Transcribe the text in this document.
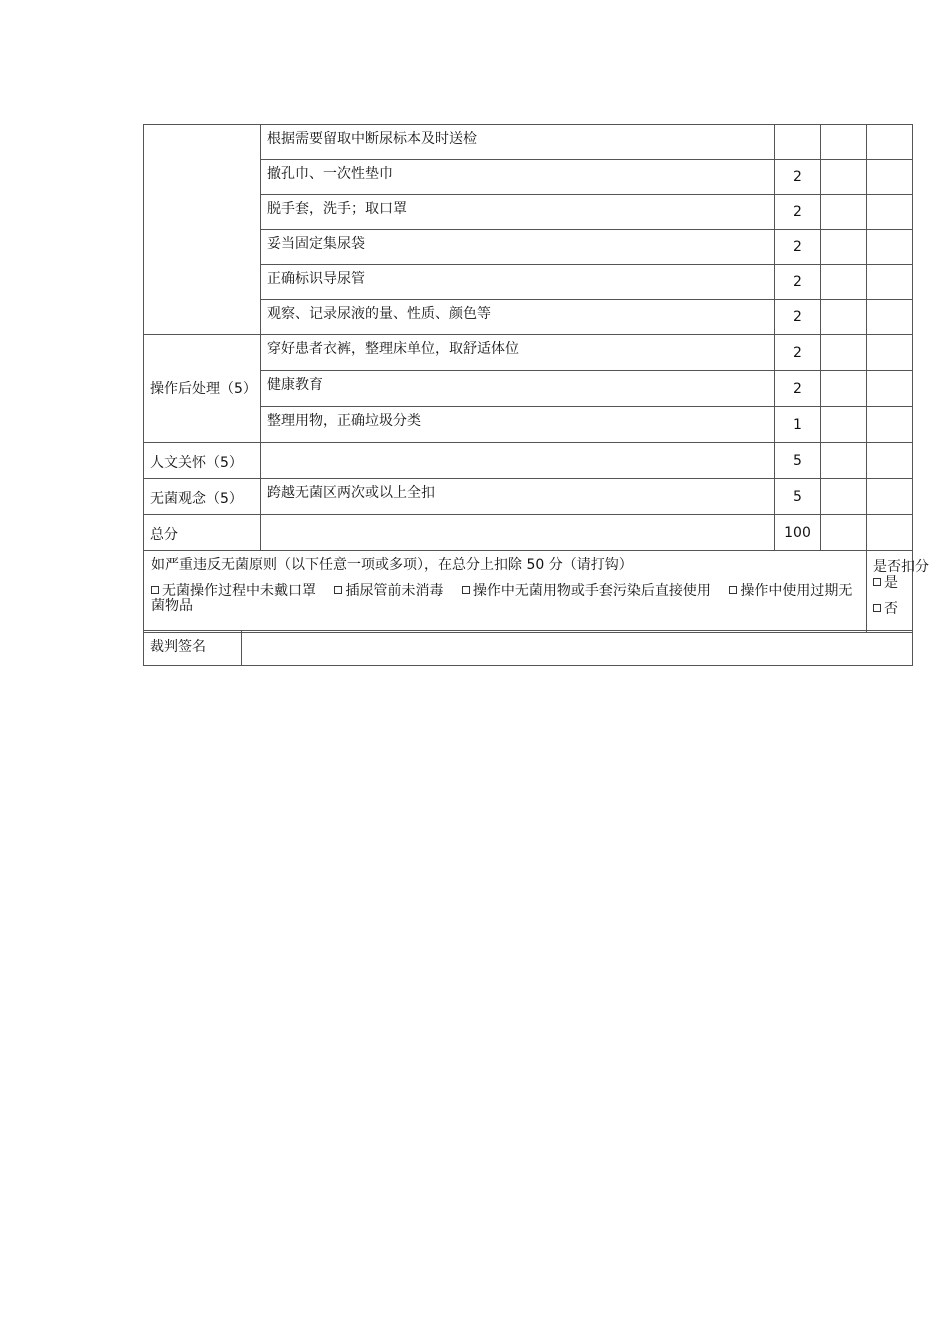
	根据需要留取中断尿标本及时送检			
	撤孔巾、一次性垫巾	2		
	脱手套，洗手；取口罩	2		
	妥当固定集尿袋	2		
	正确标识导尿管	2		
	观察、记录尿液的量、性质、颜色等	2		
操作后处理（5）	穿好患者衣裤，整理床单位，取舒适体位	2		
	健康教育	2		
	整理用物，正确垃圾分类	1		
人文关怀（5）		5		
无菌观念（5）	跨越无菌区两次或以上全扣	5		
总分		100		

如严重违反无菌原则（以下任意一项或多项），在总分上扣除 50 分（请打钩）
无菌操作过程中未戴口罩 插尿管前未消毒 操作中无菌用物或手套污染后直接使用 操作中使用过期无菌物品				是否扣分
是
否
裁判签名	
